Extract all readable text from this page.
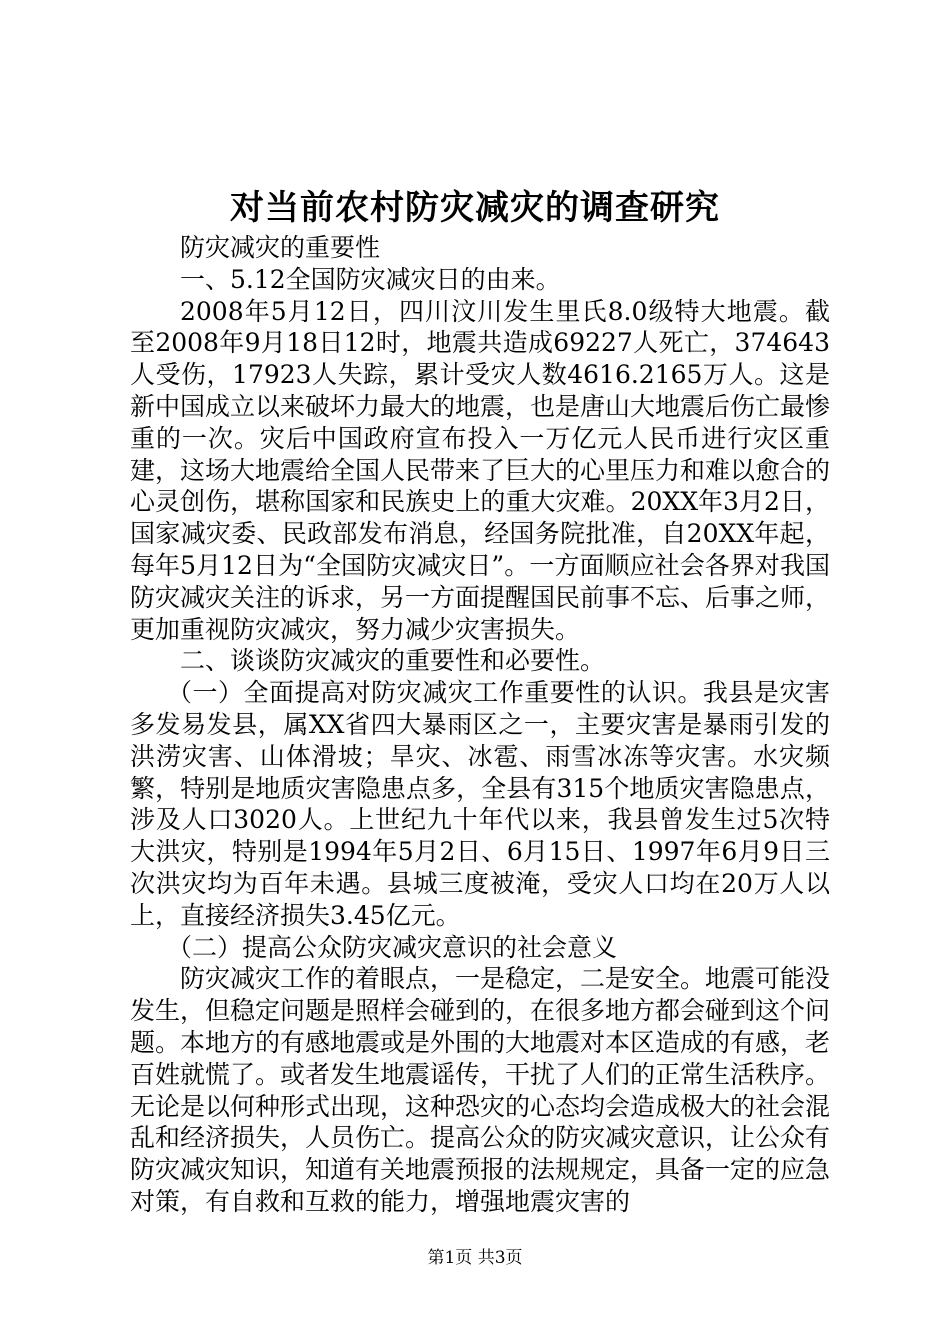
对当前农村防灾减灾的调查研究

防灾减灾的重要性

一、5.12全国防灾减灾日的由来。

2008年5月12日，四川汶川发生里氏8.0级特大地震。截至2008年9月18日12时，地震共造成69227人死亡，374643人受伤，17923人失踪，累计受灾人数4616.2165万人。这是新中国成立以来破坏力最大的地震，也是唐山大地震后伤亡最惨重的一次。灾后中国政府宣布投入一万亿元人民币进行灾区重建，这场大地震给全国人民带来了巨大的心里压力和难以愈合的心灵创伤，堪称国家和民族史上的重大灾难。20XX年3月2日，国家减灾委、民政部发布消息，经国务院批准，自20XX年起，每年5月12日为“全国防灾减灾日”。一方面顺应社会各界对我国防灾减灾关注的诉求，另一方面提醒国民前事不忘、后事之师，更加重视防灾减灾，努力减少灾害损失。

二、谈谈防灾减灾的重要性和必要性。

（一）全面提高对防灾减灾工作重要性的认识。我县是灾害多发易发县，属XX省四大暴雨区之一，主要灾害是暴雨引发的洪涝灾害、山体滑坡；旱灾、冰雹、雨雪冰冻等灾害。水灾频繁，特别是地质灾害隐患点多，全县有315个地质灾害隐患点，涉及人口3020人。上世纪九十年代以来，我县曾发生过5次特大洪灾，特别是1994年5月2日、6月15日、1997年6月9日三次洪灾均为百年未遇。县城三度被淹，受灾人口均在20万人以上，直接经济损失3.45亿元。

（二）提高公众防灾减灾意识的社会意义

防灾减灾工作的着眼点，一是稳定，二是安全。地震可能没发生，但稳定问题是照样会碰到的，在很多地方都会碰到这个问题。本地方的有感地震或是外围的大地震对本区造成的有感，老百姓就慌了。或者发生地震谣传，干扰了人们的正常生活秩序。无论是以何种形式出现，这种恐灾的心态均会造成极大的社会混乱和经济损失，人员伤亡。提高公众的防灾减灾意识，让公众有防灾减灾知识，知道有关地震预报的法规规定，具备一定的应急对策，有自救和互救的能力，增强地震灾害的

第1页 共3页
